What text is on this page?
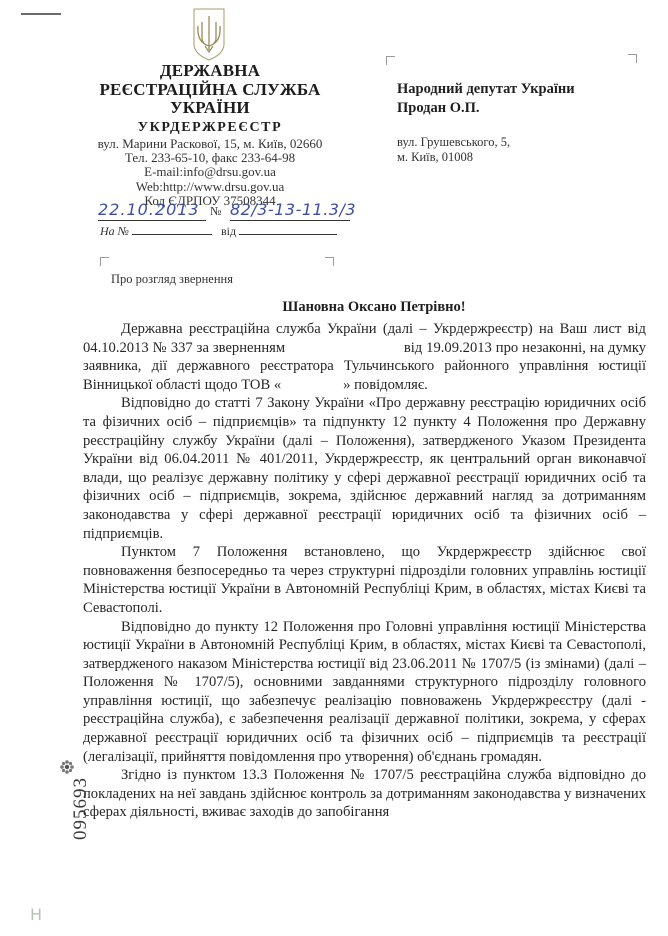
ДЕРЖАВНА
РЕЄСТРАЦІЙНА СЛУЖБА
УКРАЇНИ
УКРДЕРЖРЕЄСТР
вул. Марини Раскової, 15, м. Київ, 02660
Тел. 233-65-10, факс 233-64-98
E-mail:info@drsu.gov.ua
Web:http://www.drsu.gov.ua
Код ЄДРПОУ 37508344
22.10.2013 № 82/3-13-11.3/3
На №	від
Про розгляд звернення
Народний депутат України
Продан О.П.
вул. Грушевського, 5,
м. Київ, 01008
Шановна Оксано Петрівно!

Державна реєстраційна служба України (далі – Укрдержреєстр) на Ваш лист від 04.10.2013 № 337 за зверненням                              від 19.09.2013 про незаконні, на думку заявника, дії державного реєстратора Тульчинського районного управління юстиції Вінницької області щодо ТОВ «                 » повідомляє.

Відповідно до статті 7 Закону України «Про державну реєстрацію юридичних осіб та фізичних осіб – підприємців» та підпункту 12 пункту 4 Положення про Державну реєстраційну службу України (далі – Положення), затвердженого Указом Президента України від 06.04.2011 № 401/2011, Укрдержреєстр, як центральний орган виконавчої влади, що реалізує державну політику у сфері державної реєстрації юридичних осіб та фізичних осіб – підприємців, зокрема, здійснює державний нагляд за дотриманням законодавства у сфері державної реєстрації юридичних осіб та фізичних осіб – підприємців.

Пунктом 7 Положення встановлено, що Укрдержреєстр здійснює свої повноваження безпосередньо та через структурні підрозділи головних управлінь юстиції Міністерства юстиції України в Автономній Республіці Крим, в областях, містах Києві та Севастополі.

Відповідно до пункту 12 Положення про Головні управління юстиції Міністерства юстиції України в Автономній Республіці Крим, в областях, містах Києві та Севастополі, затвердженого наказом Міністерства юстиції від 23.06.2011 № 1707/5 (із змінами) (далі – Положення № 1707/5), основними завданнями структурного підрозділу головного управління юстиції, що забезпечує реалізацію повноважень Укрдержреєстру (далі - реєстраційна служба), є забезпечення реалізації державної політики, зокрема, у сферах державної реєстрації юридичних осіб та фізичних осіб – підприємців та реєстрації (легалізації, прийняття повідомлення про утворення) об'єднань громадян.

Згідно із пунктом 13.3 Положення № 1707/5 реєстраційна служба відповідно до покладених на неї завдань здійснює контроль за дотриманням законодавства у визначених сферах діяльності, вживає заходів до запобігання

095693
Н
